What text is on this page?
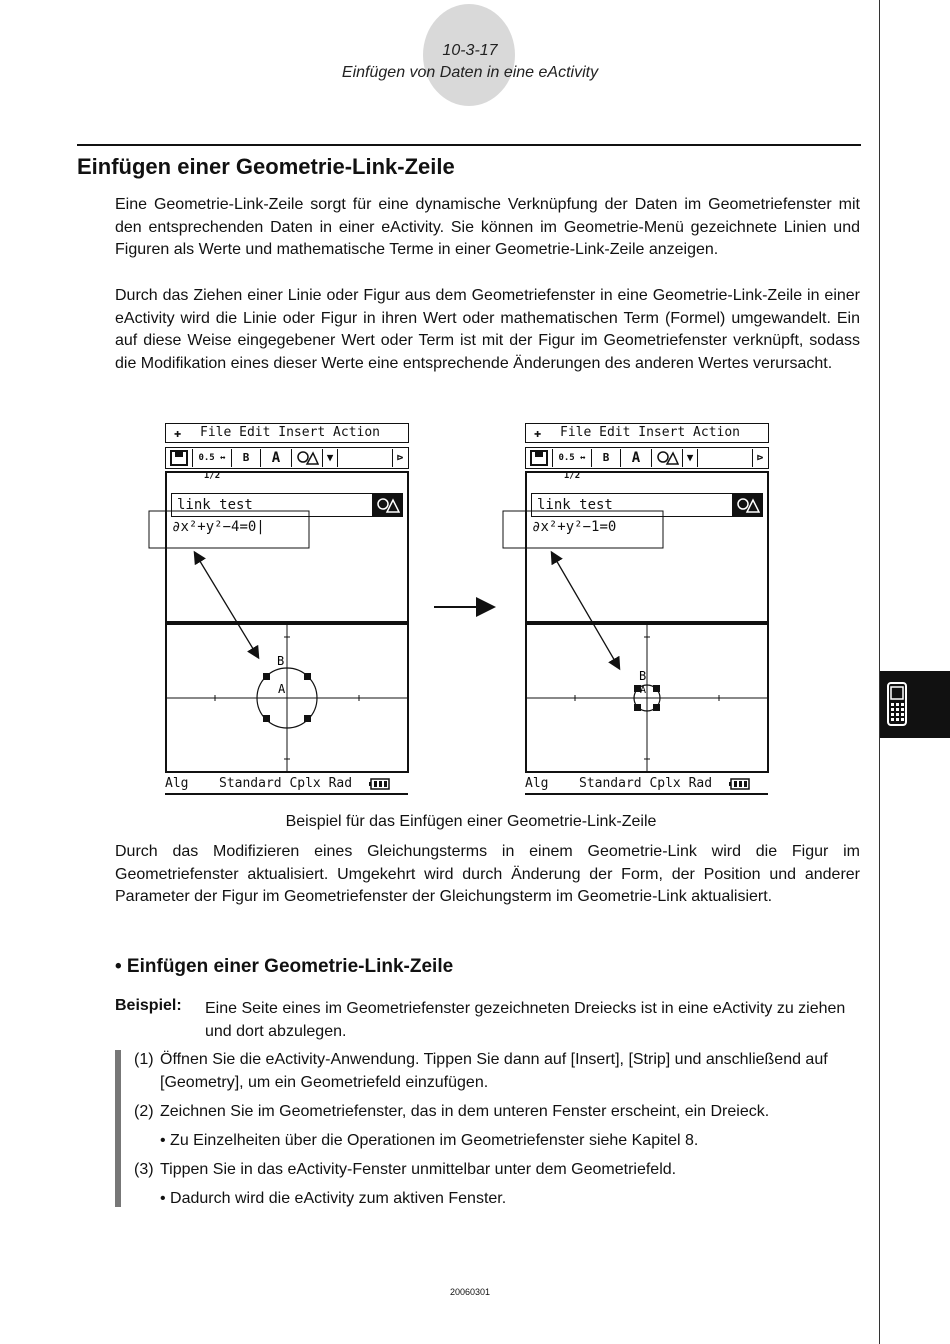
10-3-17
Einfügen von Daten in eine eActivity
Einfügen einer Geometrie-Link-Zeile
Eine Geometrie-Link-Zeile sorgt für eine dynamische Verknüpfung der Daten im Geometriefenster mit den entsprechenden Daten in einer eActivity. Sie können im Geometrie-Menü gezeichnete Linien und Figuren als Werte und mathematische Terme in einer Geometrie-Link-Zeile anzeigen.
Durch das Ziehen einer Linie oder Figur aus dem Geometriefenster in eine Geometrie-Link-Zeile in einer eActivity wird die Linie oder Figur in ihren Wert oder mathematischen Term (Formel) umgewandelt. Ein auf diese Weise eingegebener Wert oder Term ist mit der Figur im Geometriefenster verknüpft, sodass die Modifikation eines dieser Werte eine entsprechende Änderungen des anderen Wertes verursacht.
✚ File Edit Insert Action
0.5 ↔ 1/2
B	A	▼	⊳
link test
∂x²+y²−4=0|
B
A
Alg Standard Cplx Rad
✚ File Edit Insert Action
0.5 ↔ 1/2
B	A	▼	⊳
link test
∂x²+y²−1=0
B
A
Alg Standard Cplx Rad
Beispiel für das Einfügen einer Geometrie-Link-Zeile
Durch das Modifizieren eines Gleichungsterms in einem Geometrie-Link wird die Figur im Geometriefenster aktualisiert. Umgekehrt wird durch Änderung der Form, der Position und anderer Parameter der Figur im Geometriefenster der Gleichungsterm im Geometrie-Link aktualisiert.
• Einfügen einer Geometrie-Link-Zeile
Beispiel: Eine Seite eines im Geometriefenster gezeichneten Dreiecks ist in eine eActivity zu ziehen und dort abzulegen.
(1) Öffnen Sie die eActivity-Anwendung. Tippen Sie dann auf [Insert], [Strip] und anschließend auf [Geometry], um ein Geometriefeld einzufügen.
(2) Zeichnen Sie im Geometriefenster, das in dem unteren Fenster erscheint, ein Dreieck.
• Zu Einzelheiten über die Operationen im Geometriefenster siehe Kapitel 8.
(3) Tippen Sie in das eActivity-Fenster unmittelbar unter dem Geometriefeld.
• Dadurch wird die eActivity zum aktiven Fenster.
20060301
